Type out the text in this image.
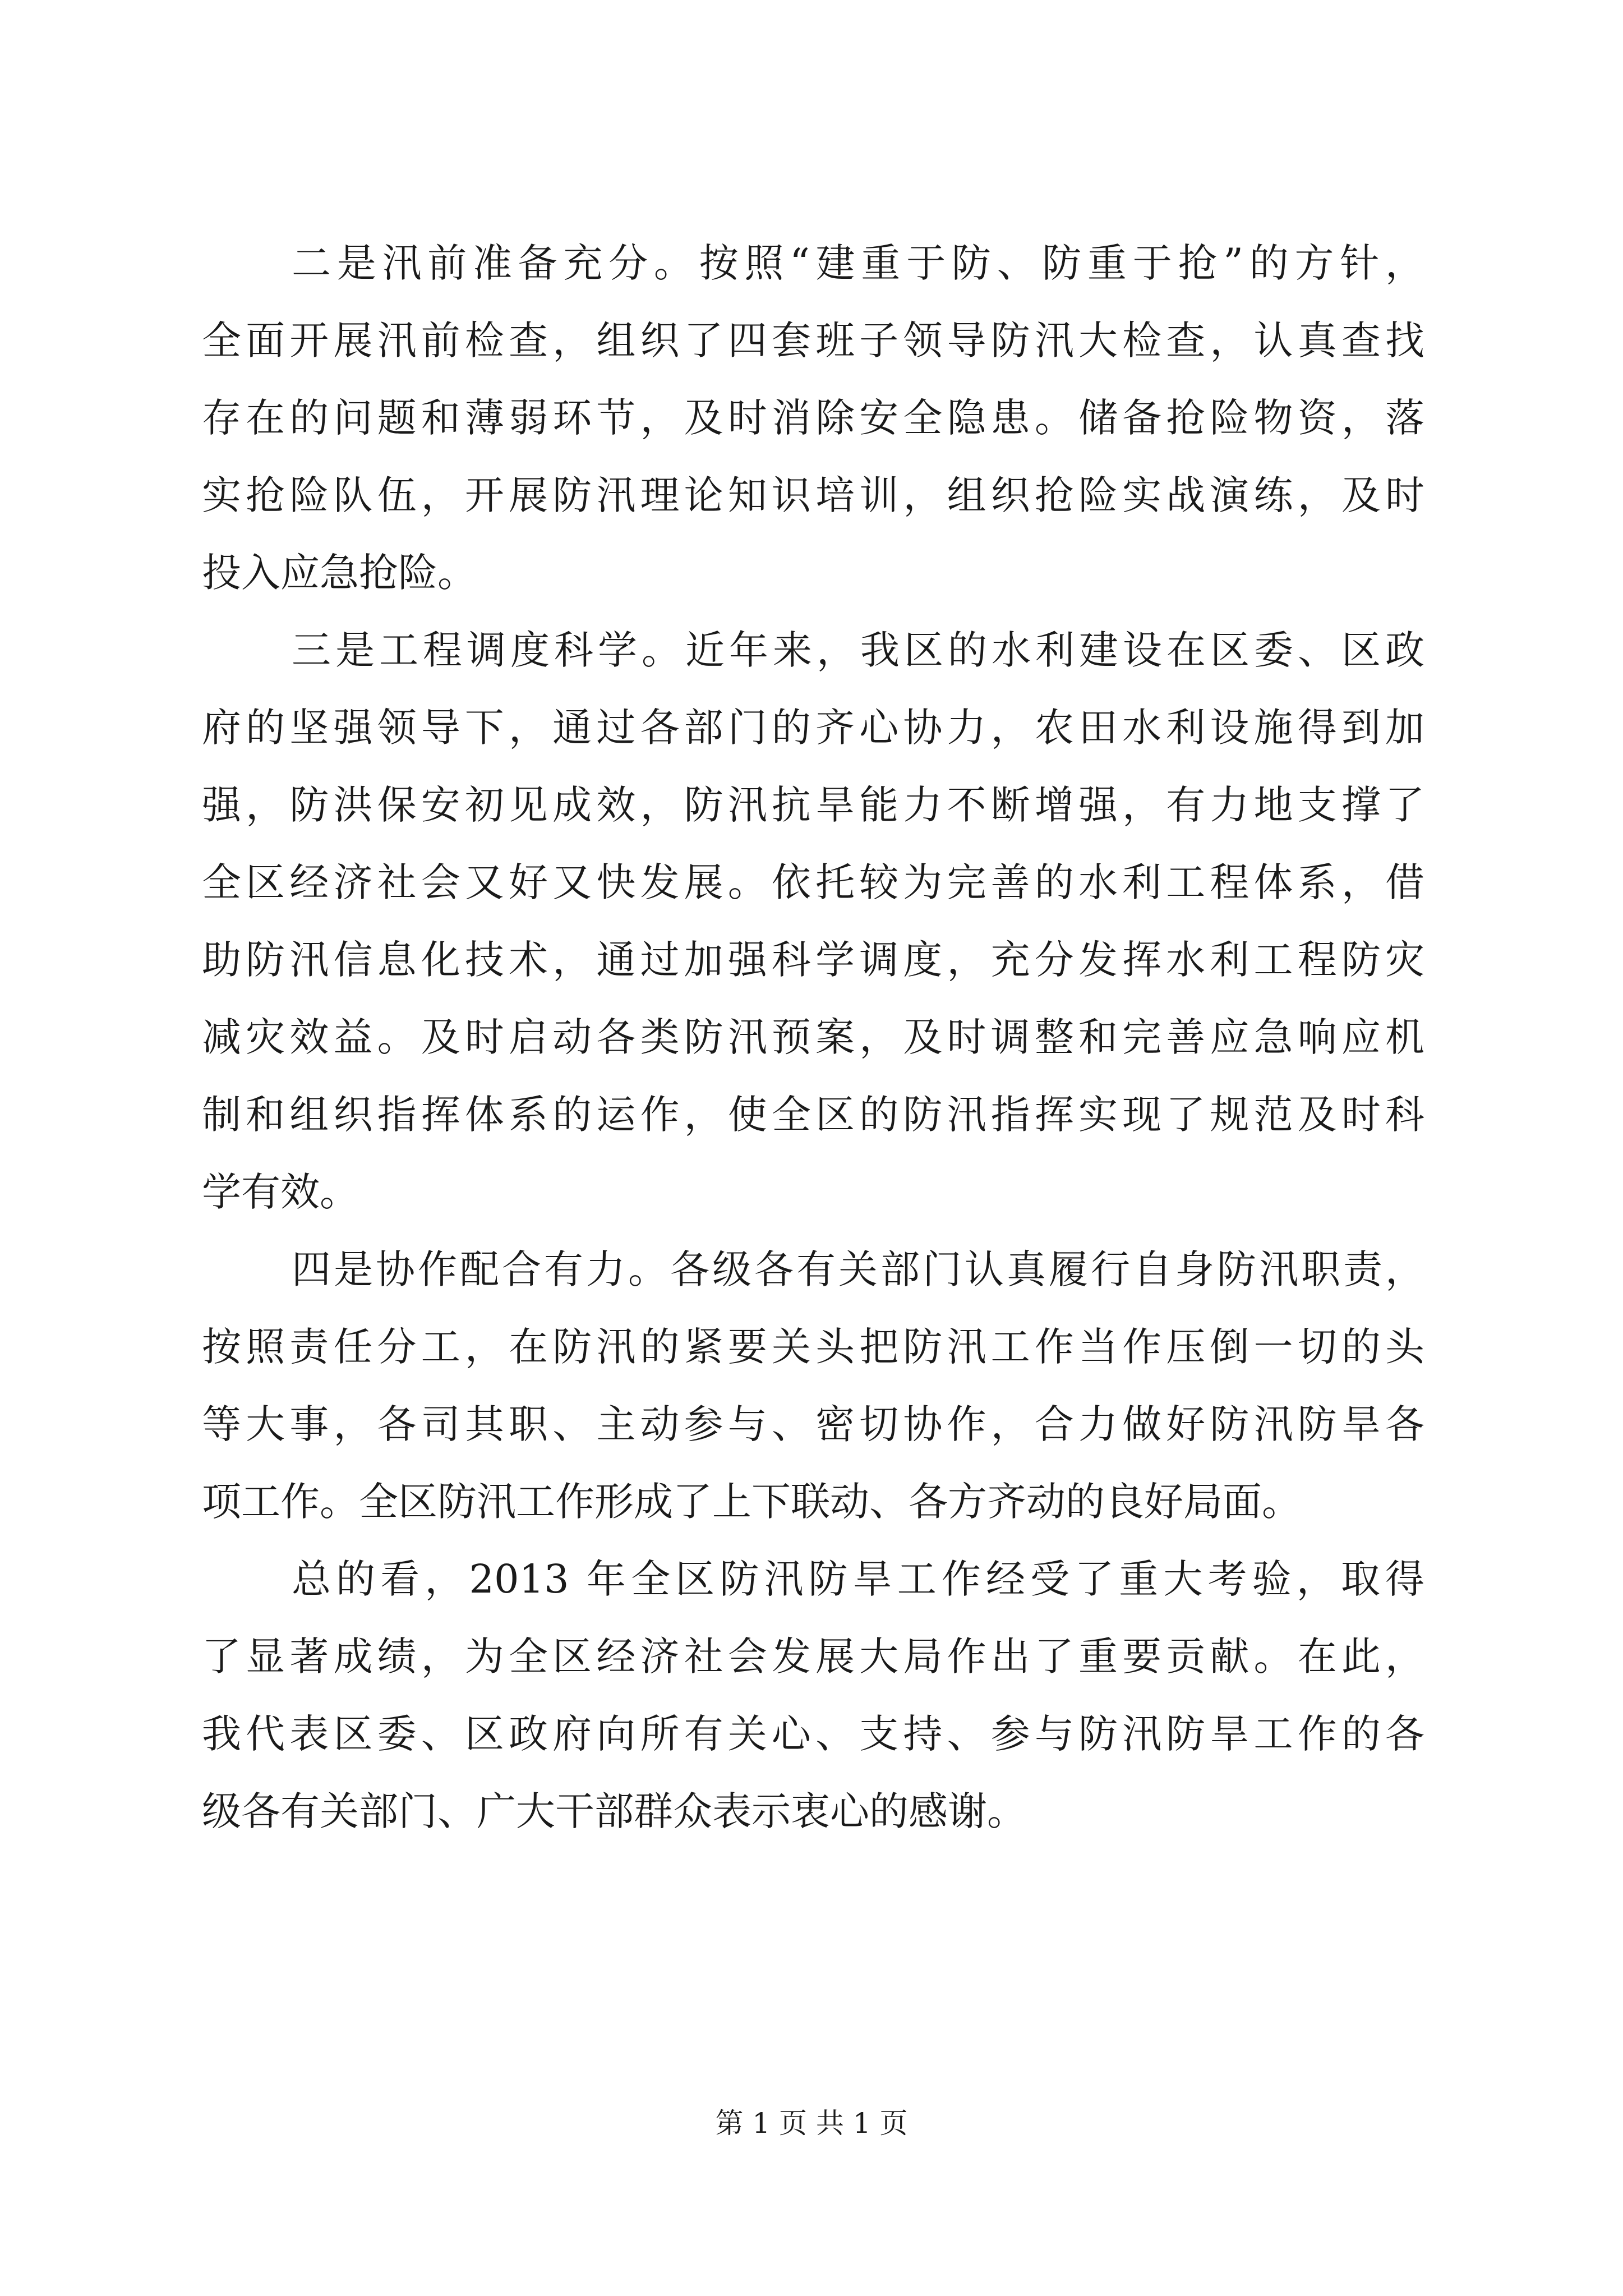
二是汛前准备充分。按照“建重于防、防重于抢”的方针，
全面开展汛前检查，组织了四套班子领导防汛大检查，认真查找
存在的问题和薄弱环节，及时消除安全隐患。储备抢险物资，落
实抢险队伍，开展防汛理论知识培训，组织抢险实战演练，及时
投入应急抢险。
三是工程调度科学。近年来，我区的水利建设在区委、区政
府的坚强领导下，通过各部门的齐心协力，农田水利设施得到加
强，防洪保安初见成效，防汛抗旱能力不断增强，有力地支撑了
全区经济社会又好又快发展。依托较为完善的水利工程体系，借
助防汛信息化技术，通过加强科学调度，充分发挥水利工程防灾
减灾效益。及时启动各类防汛预案，及时调整和完善应急响应机
制和组织指挥体系的运作，使全区的防汛指挥实现了规范及时科
学有效。
四是协作配合有力。各级各有关部门认真履行自身防汛职责，
按照责任分工，在防汛的紧要关头把防汛工作当作压倒一切的头
等大事，各司其职、主动参与、密切协作，合力做好防汛防旱各
项工作。全区防汛工作形成了上下联动、各方齐动的良好局面。
总的看，2013 年全区防汛防旱工作经受了重大考验，取得
了显著成绩，为全区经济社会发展大局作出了重要贡献。在此，
我代表区委、区政府向所有关心、支持、参与防汛防旱工作的各
级各有关部门、广大干部群众表示衷心的感谢。
第 1 页 共 1 页
